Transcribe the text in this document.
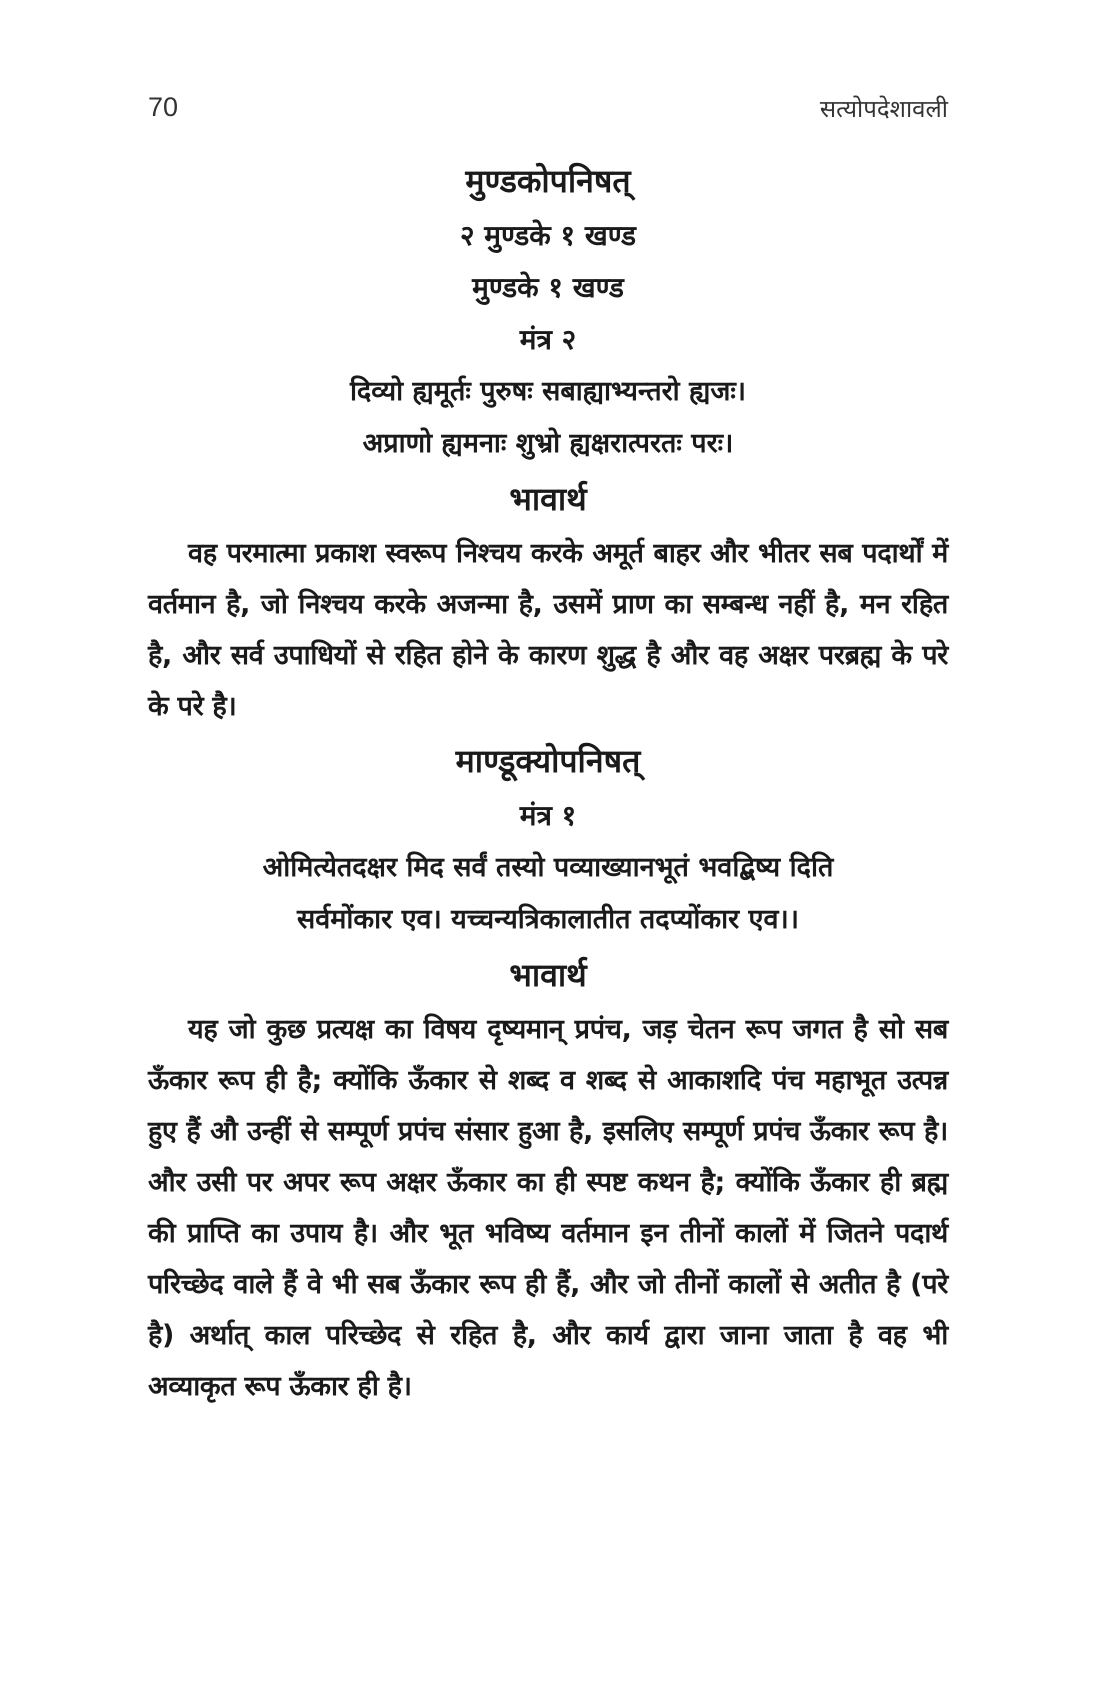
70	सत्योपदेशावली

मुण्डकोपनिषत्

२ मुण्डके १ खण्ड

मुण्डके १ खण्ड

मंत्र २

दिव्यो ह्यमूर्तः पुरुषः सबाह्याभ्यन्तरो ह्यजः।

अप्राणो ह्यमनाः शुभ्रो ह्यक्षरात्परतः परः।

भावार्थ

वह परमात्मा प्रकाश स्वरूप निश्चय करके अमूर्त बाहर और भीतर सब पदार्थों में वर्तमान है, जो निश्चय करके अजन्मा है, उसमें प्राण का सम्बन्ध नहीं है, मन रहित है, और सर्व उपाधियों से रहित होने के कारण शुद्ध है और वह अक्षर परब्रह्म के परे के परे है।

माण्डूक्योपनिषत्

मंत्र १

ओमित्येतदक्षर मिद सर्वं तस्यो पव्याख्यानभूतं भवद्बिष्य दिति

सर्वमोंकार एव। यच्चन्यत्रिकालातीत तदप्योंकार एव।।

भावार्थ

यह जो कुछ प्रत्यक्ष का विषय दृष्यमान् प्रपंच, जड़ चेतन रूप जगत है सो सब ऊँकार रूप ही है; क्योंकि ऊँकार से शब्द व शब्द से आकाशदि पंच महाभूत उत्पन्न हुए हैं औ उन्हीं से सम्पूर्ण प्रपंच संसार हुआ है, इसलिए सम्पूर्ण प्रपंच ऊँकार रूप है। और उसी पर अपर रूप अक्षर ऊँकार का ही स्पष्ट कथन है; क्योंकि ऊँकार ही ब्रह्म की प्राप्ति का उपाय है। और भूत भविष्य वर्तमान इन तीनों कालों में जितने पदार्थ परिच्छेद वाले हैं वे भी सब ऊँकार रूप ही हैं, और जो तीनों कालों से अतीत है (परे है) अर्थात् काल परिच्छेद से रहित है, और कार्य द्वारा जाना जाता है वह भी अव्याकृत रूप ऊँकार ही है।
